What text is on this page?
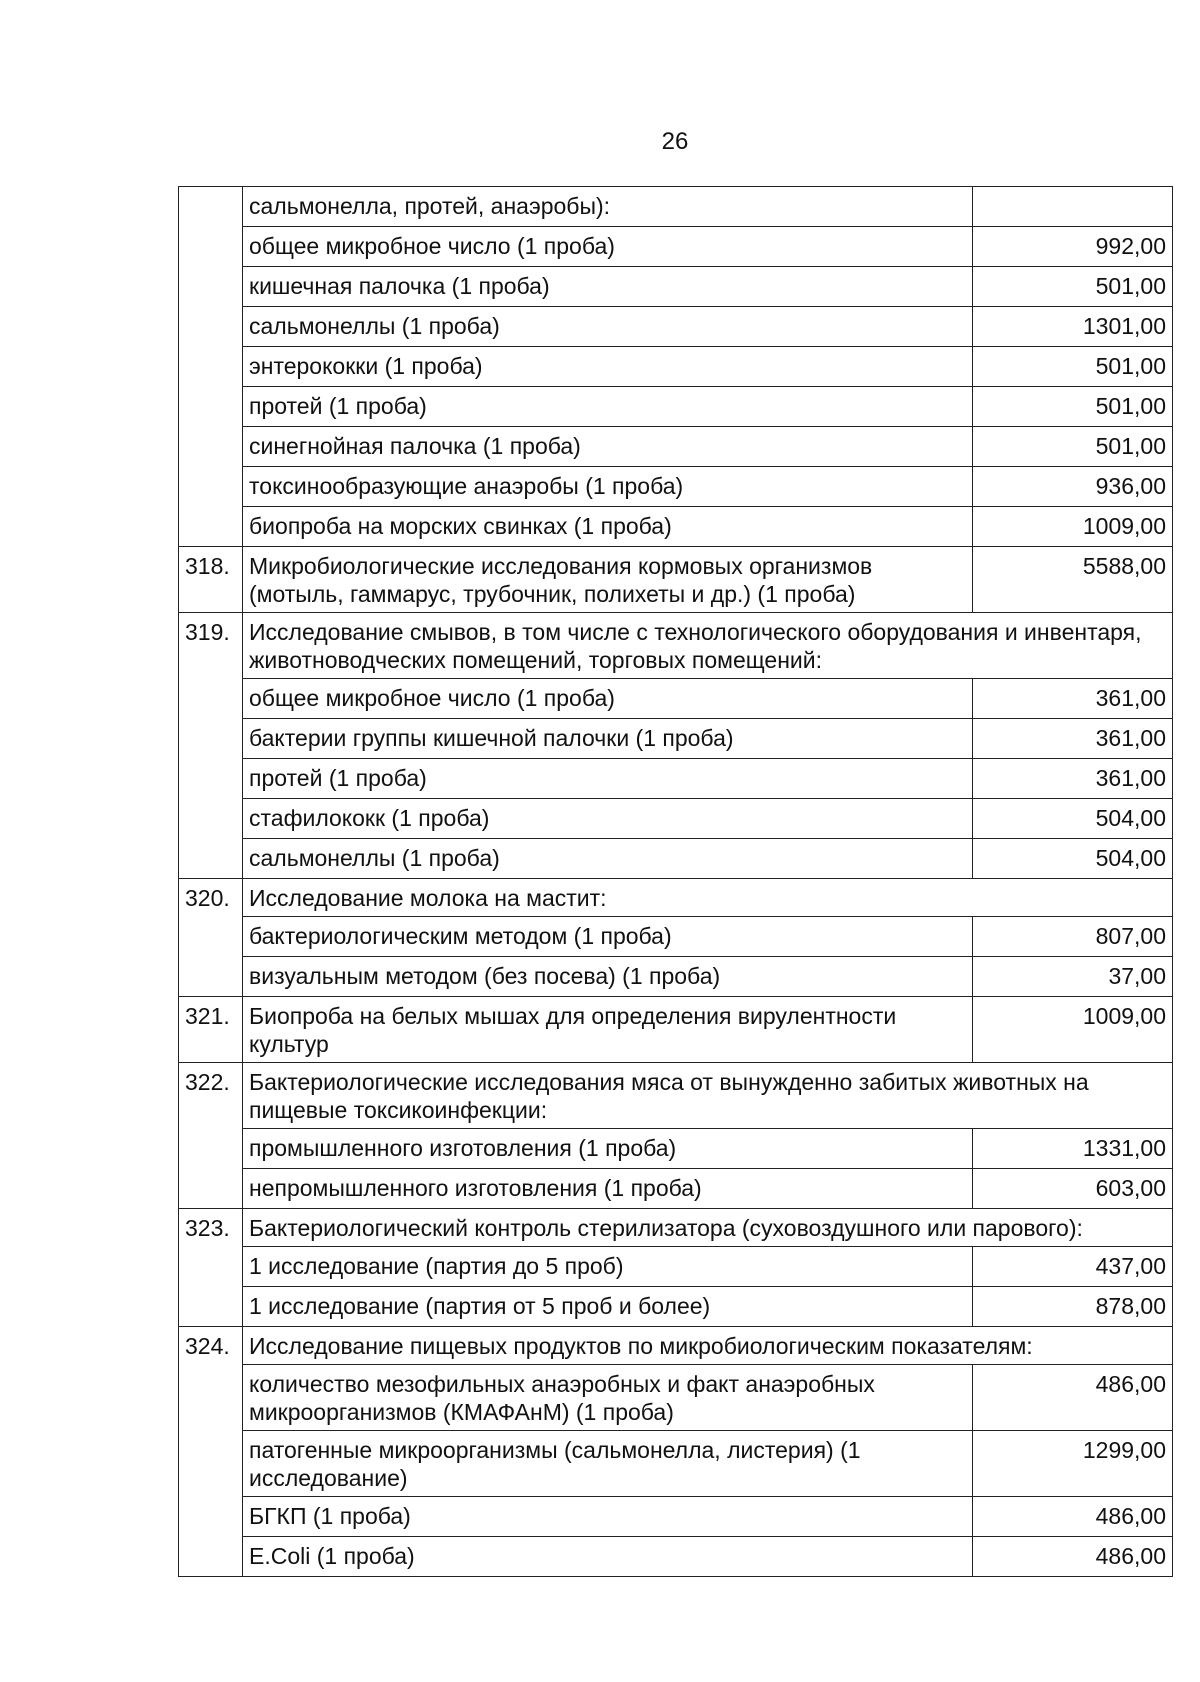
26
	сальмонелла, протей, анаэробы):	
	общее микробное число (1 проба)	992,00
	кишечная палочка (1 проба)	501,00
	сальмонеллы (1 проба)	1301,00
	энтерококки (1 проба)	501,00
	протей (1 проба)	501,00
	синегнойная палочка (1 проба)	501,00
	токсинообразующие анаэробы (1 проба)	936,00
	биопроба на морских свинках (1 проба)	1009,00
318.	Микробиологические исследования кормовых организмов (мотыль, гаммарус, трубочник, полихеты и др.) (1 проба)	5588,00
319.	Исследование смывов, в том числе с технологического оборудования и инвентаря, животноводческих помещений, торговых помещений:	
	общее микробное число (1 проба)	361,00
	бактерии группы кишечной палочки (1 проба)	361,00
	протей (1 проба)	361,00
	стафилококк (1 проба)	504,00
	сальмонеллы (1 проба)	504,00
320.	Исследование молока на мастит:	
	бактериологическим методом (1 проба)	807,00
	визуальным методом (без посева) (1 проба)	37,00
321.	Биопроба на белых мышах для определения вирулентности культур	1009,00
322.	Бактериологические исследования мяса от вынужденно забитых животных на пищевые токсикоинфекции:	
	промышленного изготовления (1 проба)	1331,00
	непромышленного изготовления (1 проба)	603,00
323.	Бактериологический контроль стерилизатора (суховоздушного или парового):	
	1 исследование (партия до 5 проб)	437,00
	1 исследование (партия от 5 проб и более)	878,00
324.	Исследование пищевых продуктов по микробиологическим показателям:	
	количество мезофильных анаэробных и факт анаэробных микроорганизмов (КМАФАнМ) (1 проба)	486,00
	патогенные микроорганизмы (сальмонелла, листерия) (1 исследование)	1299,00
	БГКП (1 проба)	486,00
	E.Coli (1 проба)	486,00
